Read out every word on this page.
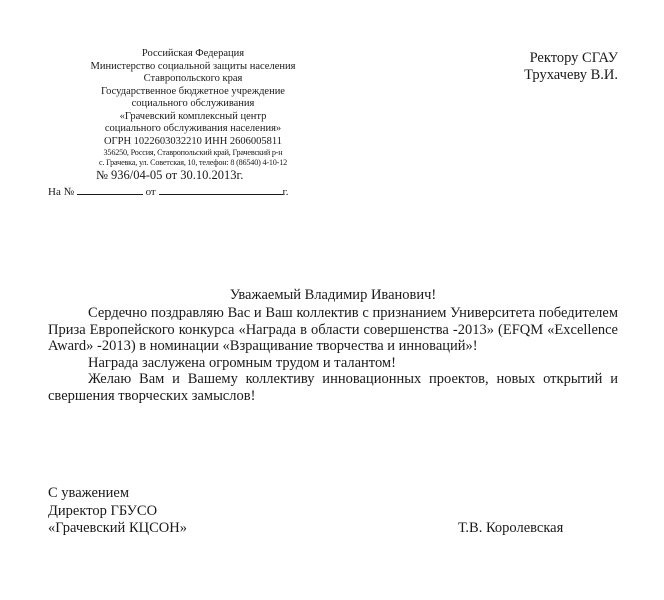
Российская Федерация
Министерство социальной защиты населения
Ставропольского края
Государственное бюджетное учреждение
социального обслуживания
«Грачевский комплексный центр
социального обслуживания населения»
ОГРН 1022603032210 ИНН 2606005811
356250, Россия, Ставропольский край, Грачевский р-н
с. Грачевка, ул. Советская, 10, телефон: 8 (86540) 4-10-12
№ 936/04-05 от 30.10.2013г.
На №	от	г.
Ректору СГАУ
Трухачеву В.И.
Уважаемый Владимир Иванович!

Сердечно поздравляю Вас и Ваш коллектив с признанием Университета победителем Приза Европейского конкурса «Награда в области совершенства -2013» (EFQM «Excellence Award» -2013) в номинации «Взращивание творчества и инноваций»!

Награда заслужена огромным трудом и талантом!

Желаю Вам и Вашему коллективу инновационных проектов, новых открытий и свершения творческих замыслов!

С уважением
Директор ГБУСО
«Грачевский КЦСОН»	Т.В. Королевская
